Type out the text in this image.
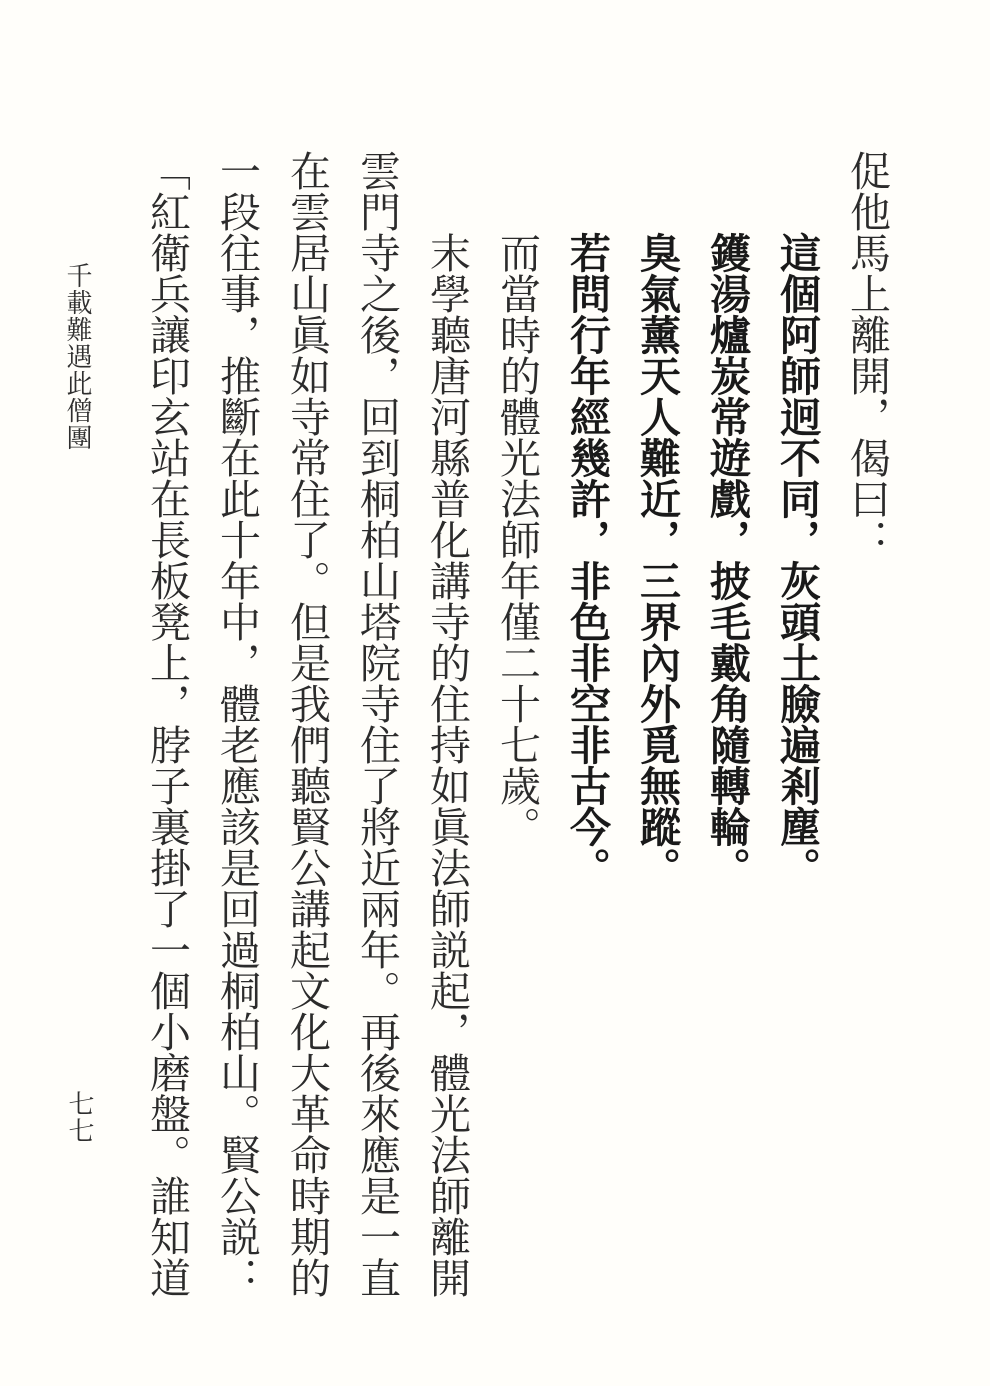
千載難遇此僧團	促他馬上離開，偈曰：
這個阿師迥不同，灰頭土臉遍剎塵。
鑊湯爐炭常遊戲，披毛戴角隨轉輪。
臭氣薰天人難近，三界內外覓無蹤。
若問行年經幾許，非色非空非古今。
而當時的體光法師年僅二十七歲。
末學聽唐河縣普化講寺的住持如眞法師説起，體光法師離開
雲門寺之後，回到桐柏山塔院寺住了將近兩年。再後來應是一直
在雲居山眞如寺常住了。但是我們聽賢公講起文化大革命時期的
一段往事，推斷在此十年中，體老應該是回過桐柏山。賢公説：
「紅衛兵讓印玄站在長板凳上，脖子裏掛了一個小磨盤。誰知道
七七
